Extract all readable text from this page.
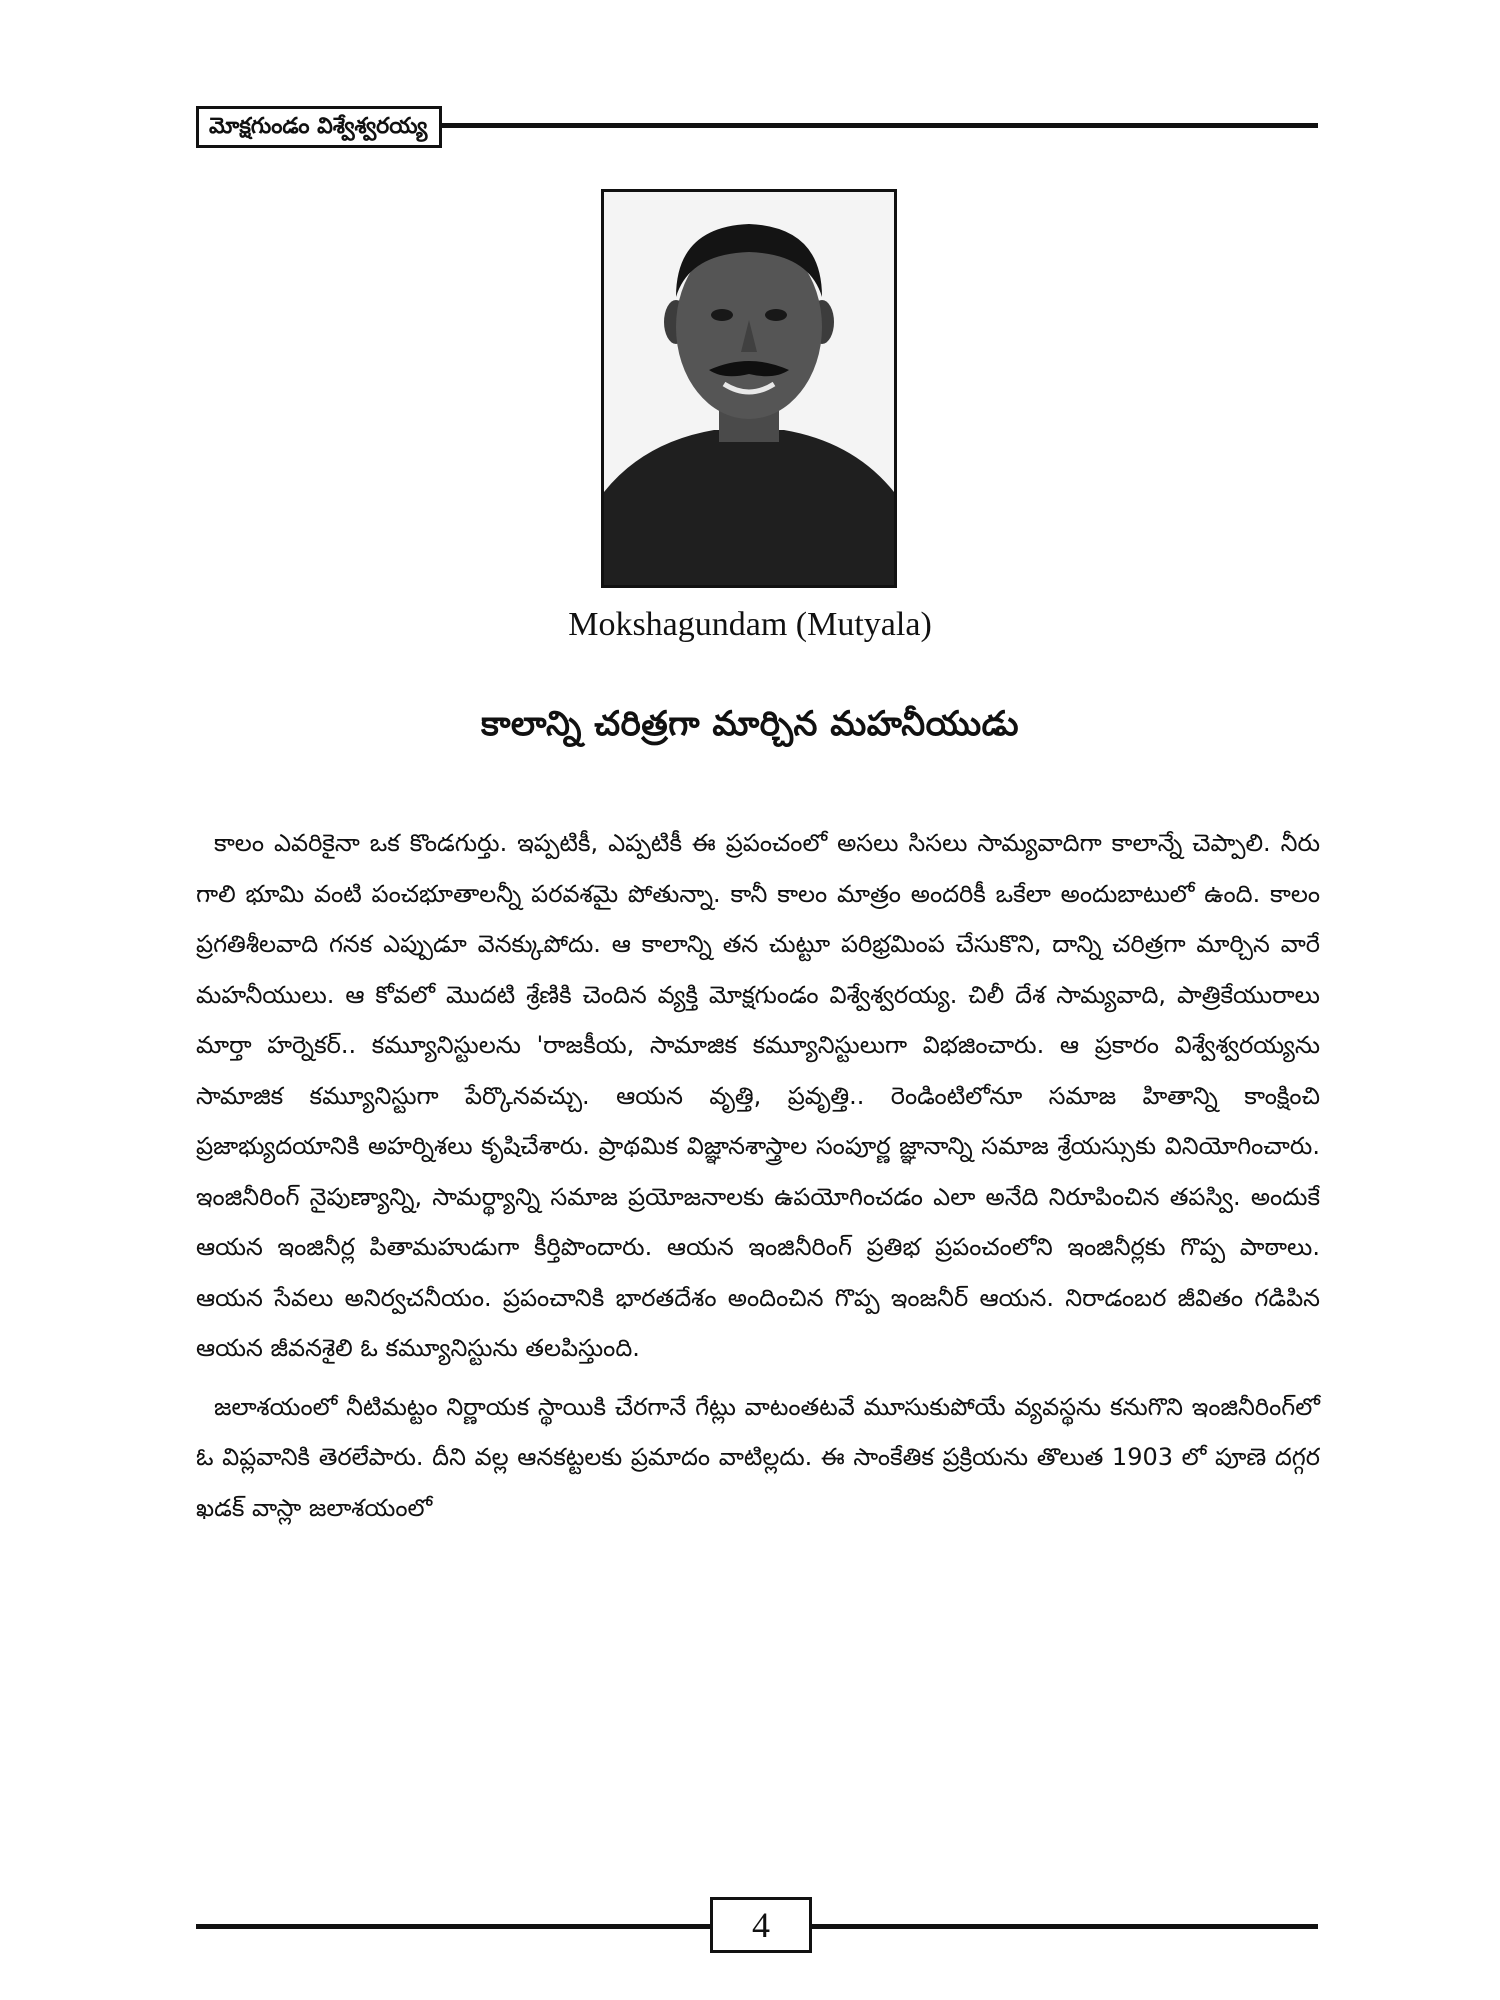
మోక్షగుండం విశ్వేశ్వరయ్య
Mokshagundam (Mutyala)
కాలాన్ని చరిత్రగా మార్చిన మహనీయుడు

కాలం ఎవరికైనా ఒక కొండగుర్తు. ఇప్పటికీ, ఎప్పటికీ ఈ ప్రపంచంలో అసలు సిసలు సామ్యవాదిగా కాలాన్నే చెప్పాలి. నీరు గాలి భూమి వంటి పంచభూతాలన్నీ పరవశమై పోతున్నా. కానీ కాలం మాత్రం అందరికీ ఒకేలా అందుబాటులో ఉంది. కాలం ప్రగతిశీలవాది గనక ఎప్పుడూ వెనక్కుపోదు. ఆ కాలాన్ని తన చుట్టూ పరిభ్రమింప చేసుకొని, దాన్ని చరిత్రగా మార్చిన వారే మహనీయులు. ఆ కోవలో మొదటి శ్రేణికి చెందిన వ్యక్తి మోక్షగుండం విశ్వేశ్వరయ్య. చిలీ దేశ సామ్యవాది, పాత్రికేయురాలు మార్తా హర్నెకర్.. కమ్యూనిస్టులను 'రాజకీయ, సామాజిక కమ్యూనిస్టులుగా విభజించారు. ఆ ప్రకారం విశ్వేశ్వరయ్యను సామాజిక కమ్యూనిస్టుగా పేర్కొనవచ్చు. ఆయన వృత్తి, ప్రవృత్తి.. రెండింటిలోనూ సమాజ హితాన్ని కాంక్షించి ప్రజాభ్యుదయానికి అహర్నిశలు కృషిచేశారు. ప్రాథమిక విజ్ఞానశాస్త్రాల సంపూర్ణ జ్ఞానాన్ని సమాజ శ్రేయస్సుకు వినియోగించారు. ఇంజినీరింగ్ నైపుణ్యాన్ని, సామర్థ్యాన్ని సమాజ ప్రయోజనాలకు ఉపయోగించడం ఎలా అనేది నిరూపించిన తపస్వి. అందుకే ఆయన ఇంజినీర్ల పితామహుడుగా కీర్తిపొందారు. ఆయన ఇంజినీరింగ్ ప్రతిభ ప్రపంచంలోని ఇంజినీర్లకు గొప్ప పాఠాలు. ఆయన సేవలు అనిర్వచనీయం. ప్రపంచానికి భారతదేశం అందించిన గొప్ప ఇంజనీర్ ఆయన. నిరాడంబర జీవితం గడిపిన ఆయన జీవనశైలి ఓ కమ్యూనిస్టును తలపిస్తుంది.

జలాశయంలో నీటిమట్టం నిర్ణాయక స్థాయికి చేరగానే గేట్లు వాటంతటవే మూసుకుపోయే వ్యవస్థను కనుగొని ఇంజినీరింగ్‌లో ఓ విప్లవానికి తెరలేపారు. దీని వల్ల ఆనకట్టలకు ప్రమాదం వాటిల్లదు. ఈ సాంకేతిక ప్రక్రియను తొలుత 1903 లో పూణె దగ్గర ఖడక్ వాస్లా జలాశయంలో

4
